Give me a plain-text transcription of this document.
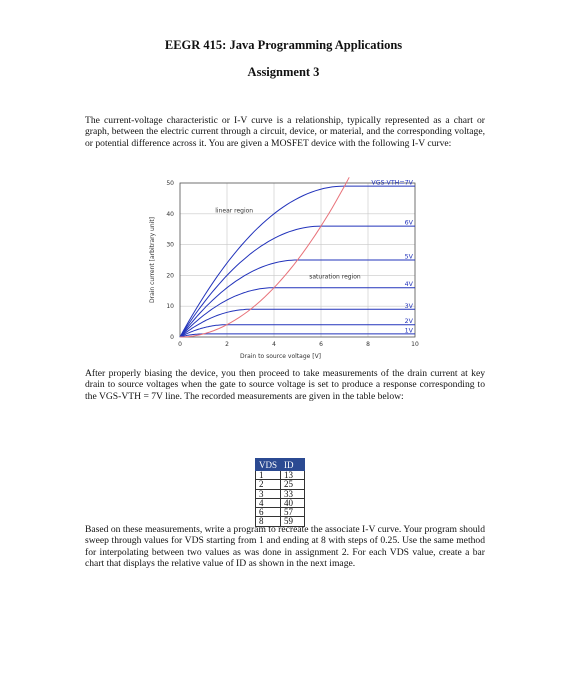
EEGR 415: Java Programming Applications
Assignment 3

The current-voltage characteristic or I-V curve is a relationship, typically represented as a chart or graph, between the electric current through a circuit, device, or material, and the corresponding voltage, or potential difference across it. You are given a MOSFET device with the following I-V curve:

0	2	4	6	8	10
0
10
20
30
40
50	VGS-VTH=7V
6V
5V
4V
3V
2V
1V
Drain to source voltage [V]
Drain current [arbitrary unit]
linear region
saturation region

After properly biasing the device, you then proceed to take measurements of the drain current at key drain to source voltages when the gate to source voltage is set to produce a response corresponding to the VGS-VTH = 7V line. The recorded measurements are given in the table below:

VDS	ID
1	13
2	25
3	33
4	40
6	57
8	59

Based on these measurements, write a program to recreate the associate I-V curve. Your program should sweep through values for VDS starting from 1 and ending at 8 with steps of 0.25. Use the same method for interpolating between two values as was done in assignment 2. For each VDS value, create a bar chart that displays the relative value of ID as shown in the next image.
